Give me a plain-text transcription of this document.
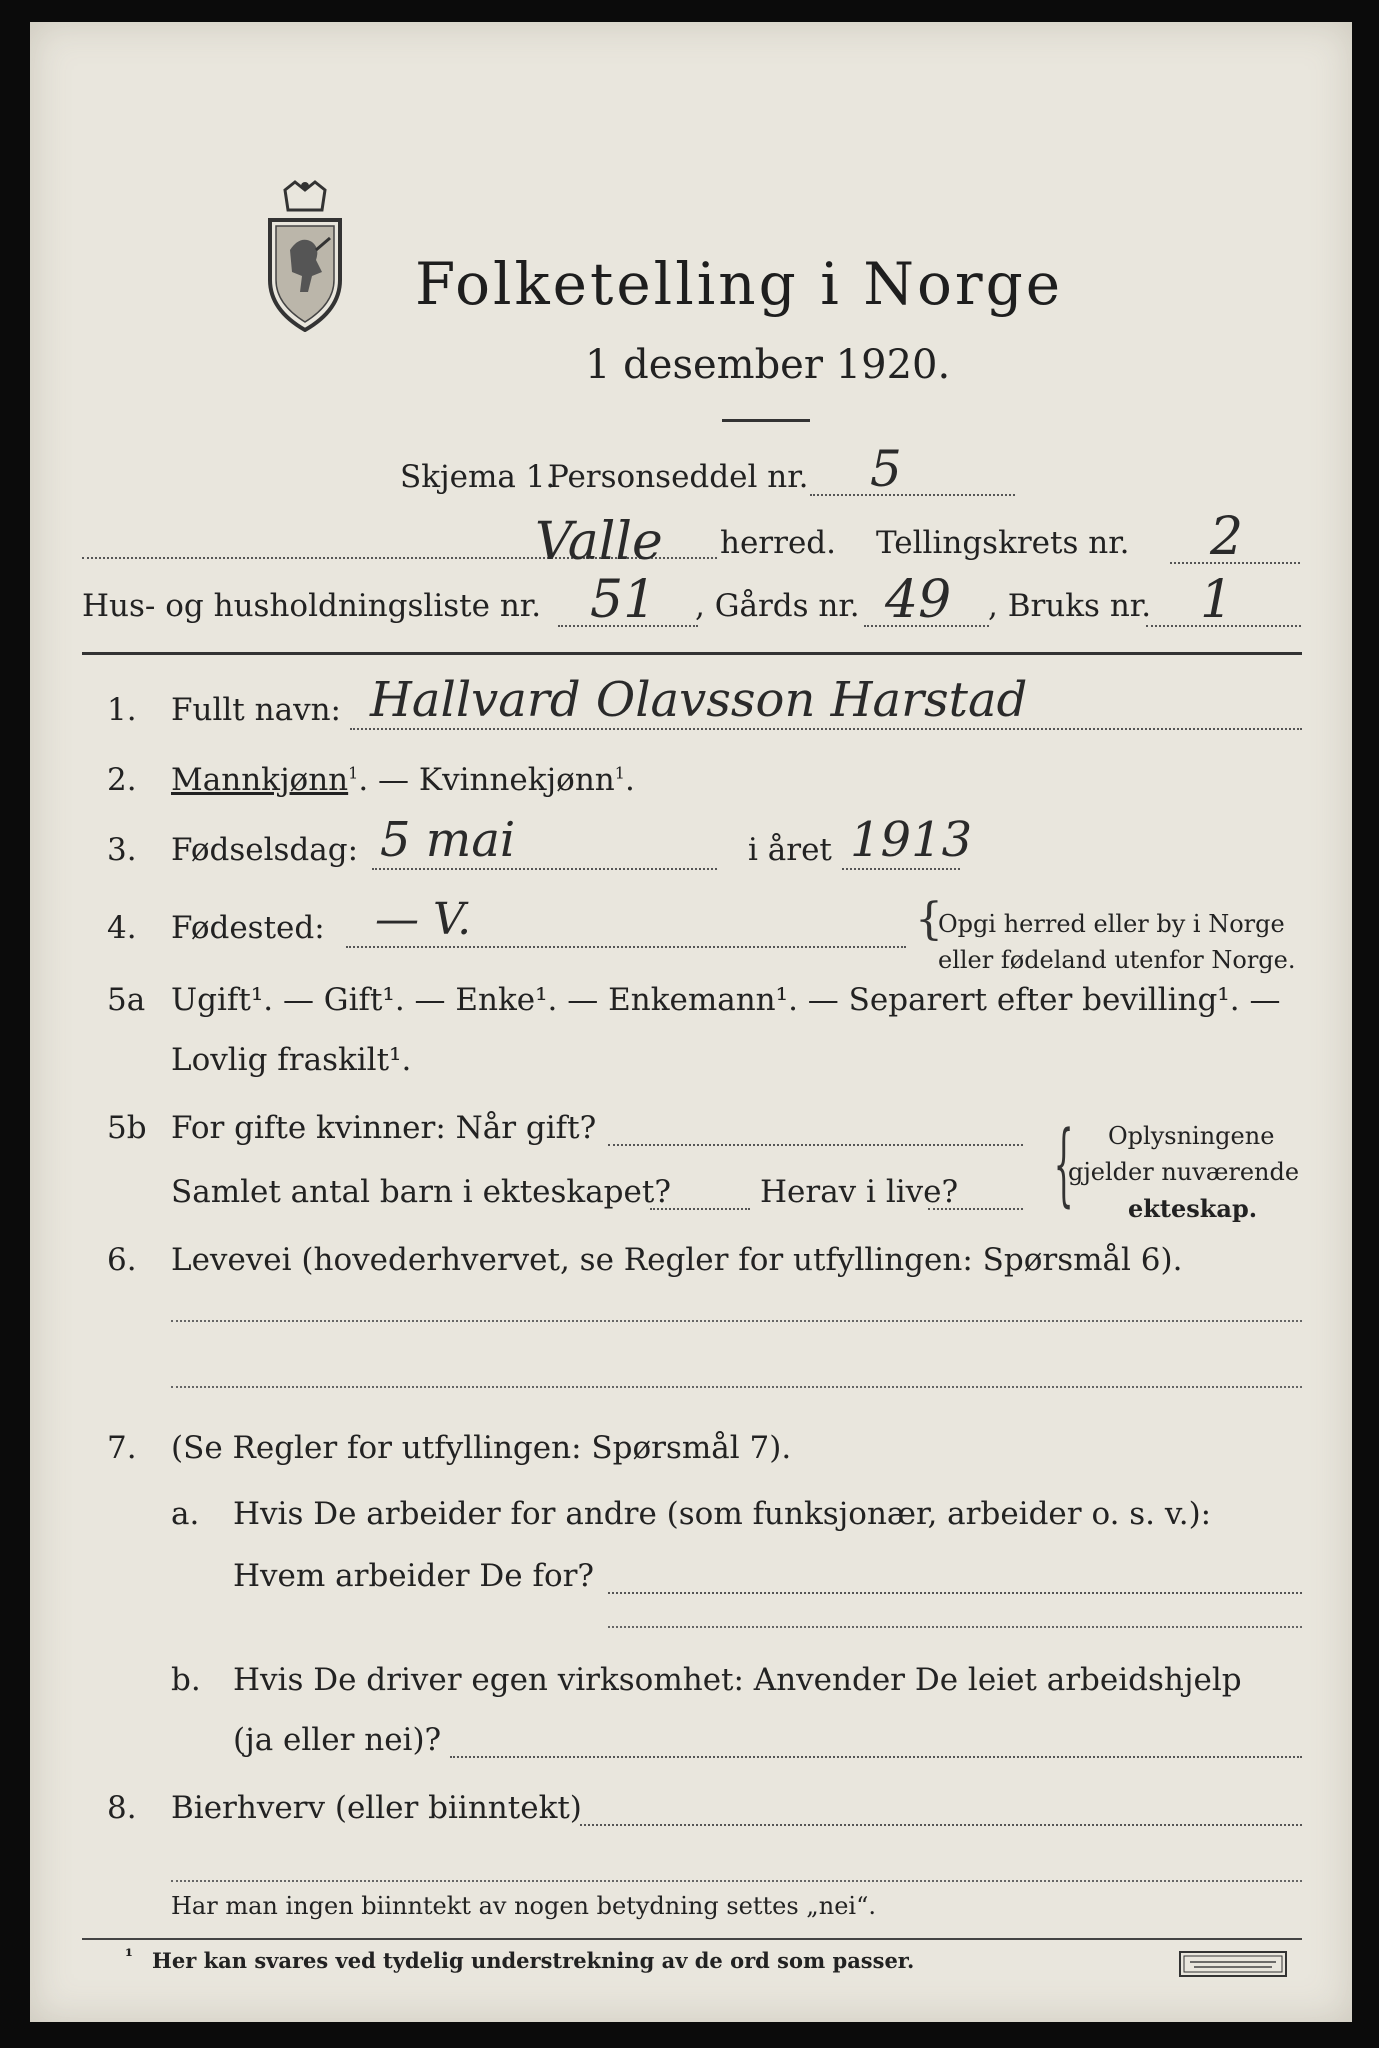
Folketelling i Norge
1 desember 1920.
Skjema 1.
Personseddel nr. 5
Valle herred. Tellingskrets nr. 2
Hus- og husholdningsliste nr. 51 , Gårds nr. 49 , Bruks nr. 1
1. Fullt navn: Hallvard Olavsson Harstad
2. Mannkjønn$^1$. — Kvinnekjønn$^1$.
3. Fødselsdag: 5 mai	i året 1913
4. Fødested: — V.	{
Opgi herred eller by i Norge
eller fødeland utenfor Norge.
5a Ugift¹. — Gift¹. — Enke¹. — Enkemann¹. — Separert efter bevilling¹. —
Lovlig fraskilt¹.
5b For gifte kvinner: Når gift?
Samlet antal barn i ekteskapet?	Herav i live? { Oplysningene
gjelder nuværende
ekteskap.
6. Levevei (hovederhvervet, se Regler for utfyllingen: Spørsmål 6).
7. (Se Regler for utfyllingen: Spørsmål 7).
a. Hvis De arbeider for andre (som funksjonær, arbeider o. s. v.):
Hvem arbeider De for?
b. Hvis De driver egen virksomhet: Anvender De leiet arbeidshjelp
(ja eller nei)?
8. Bierhverv (eller biinntekt)
Har man ingen biinntekt av nogen betydning settes „nei“.
¹ Her kan svares ved tydelig understrekning av de ord som passer.
